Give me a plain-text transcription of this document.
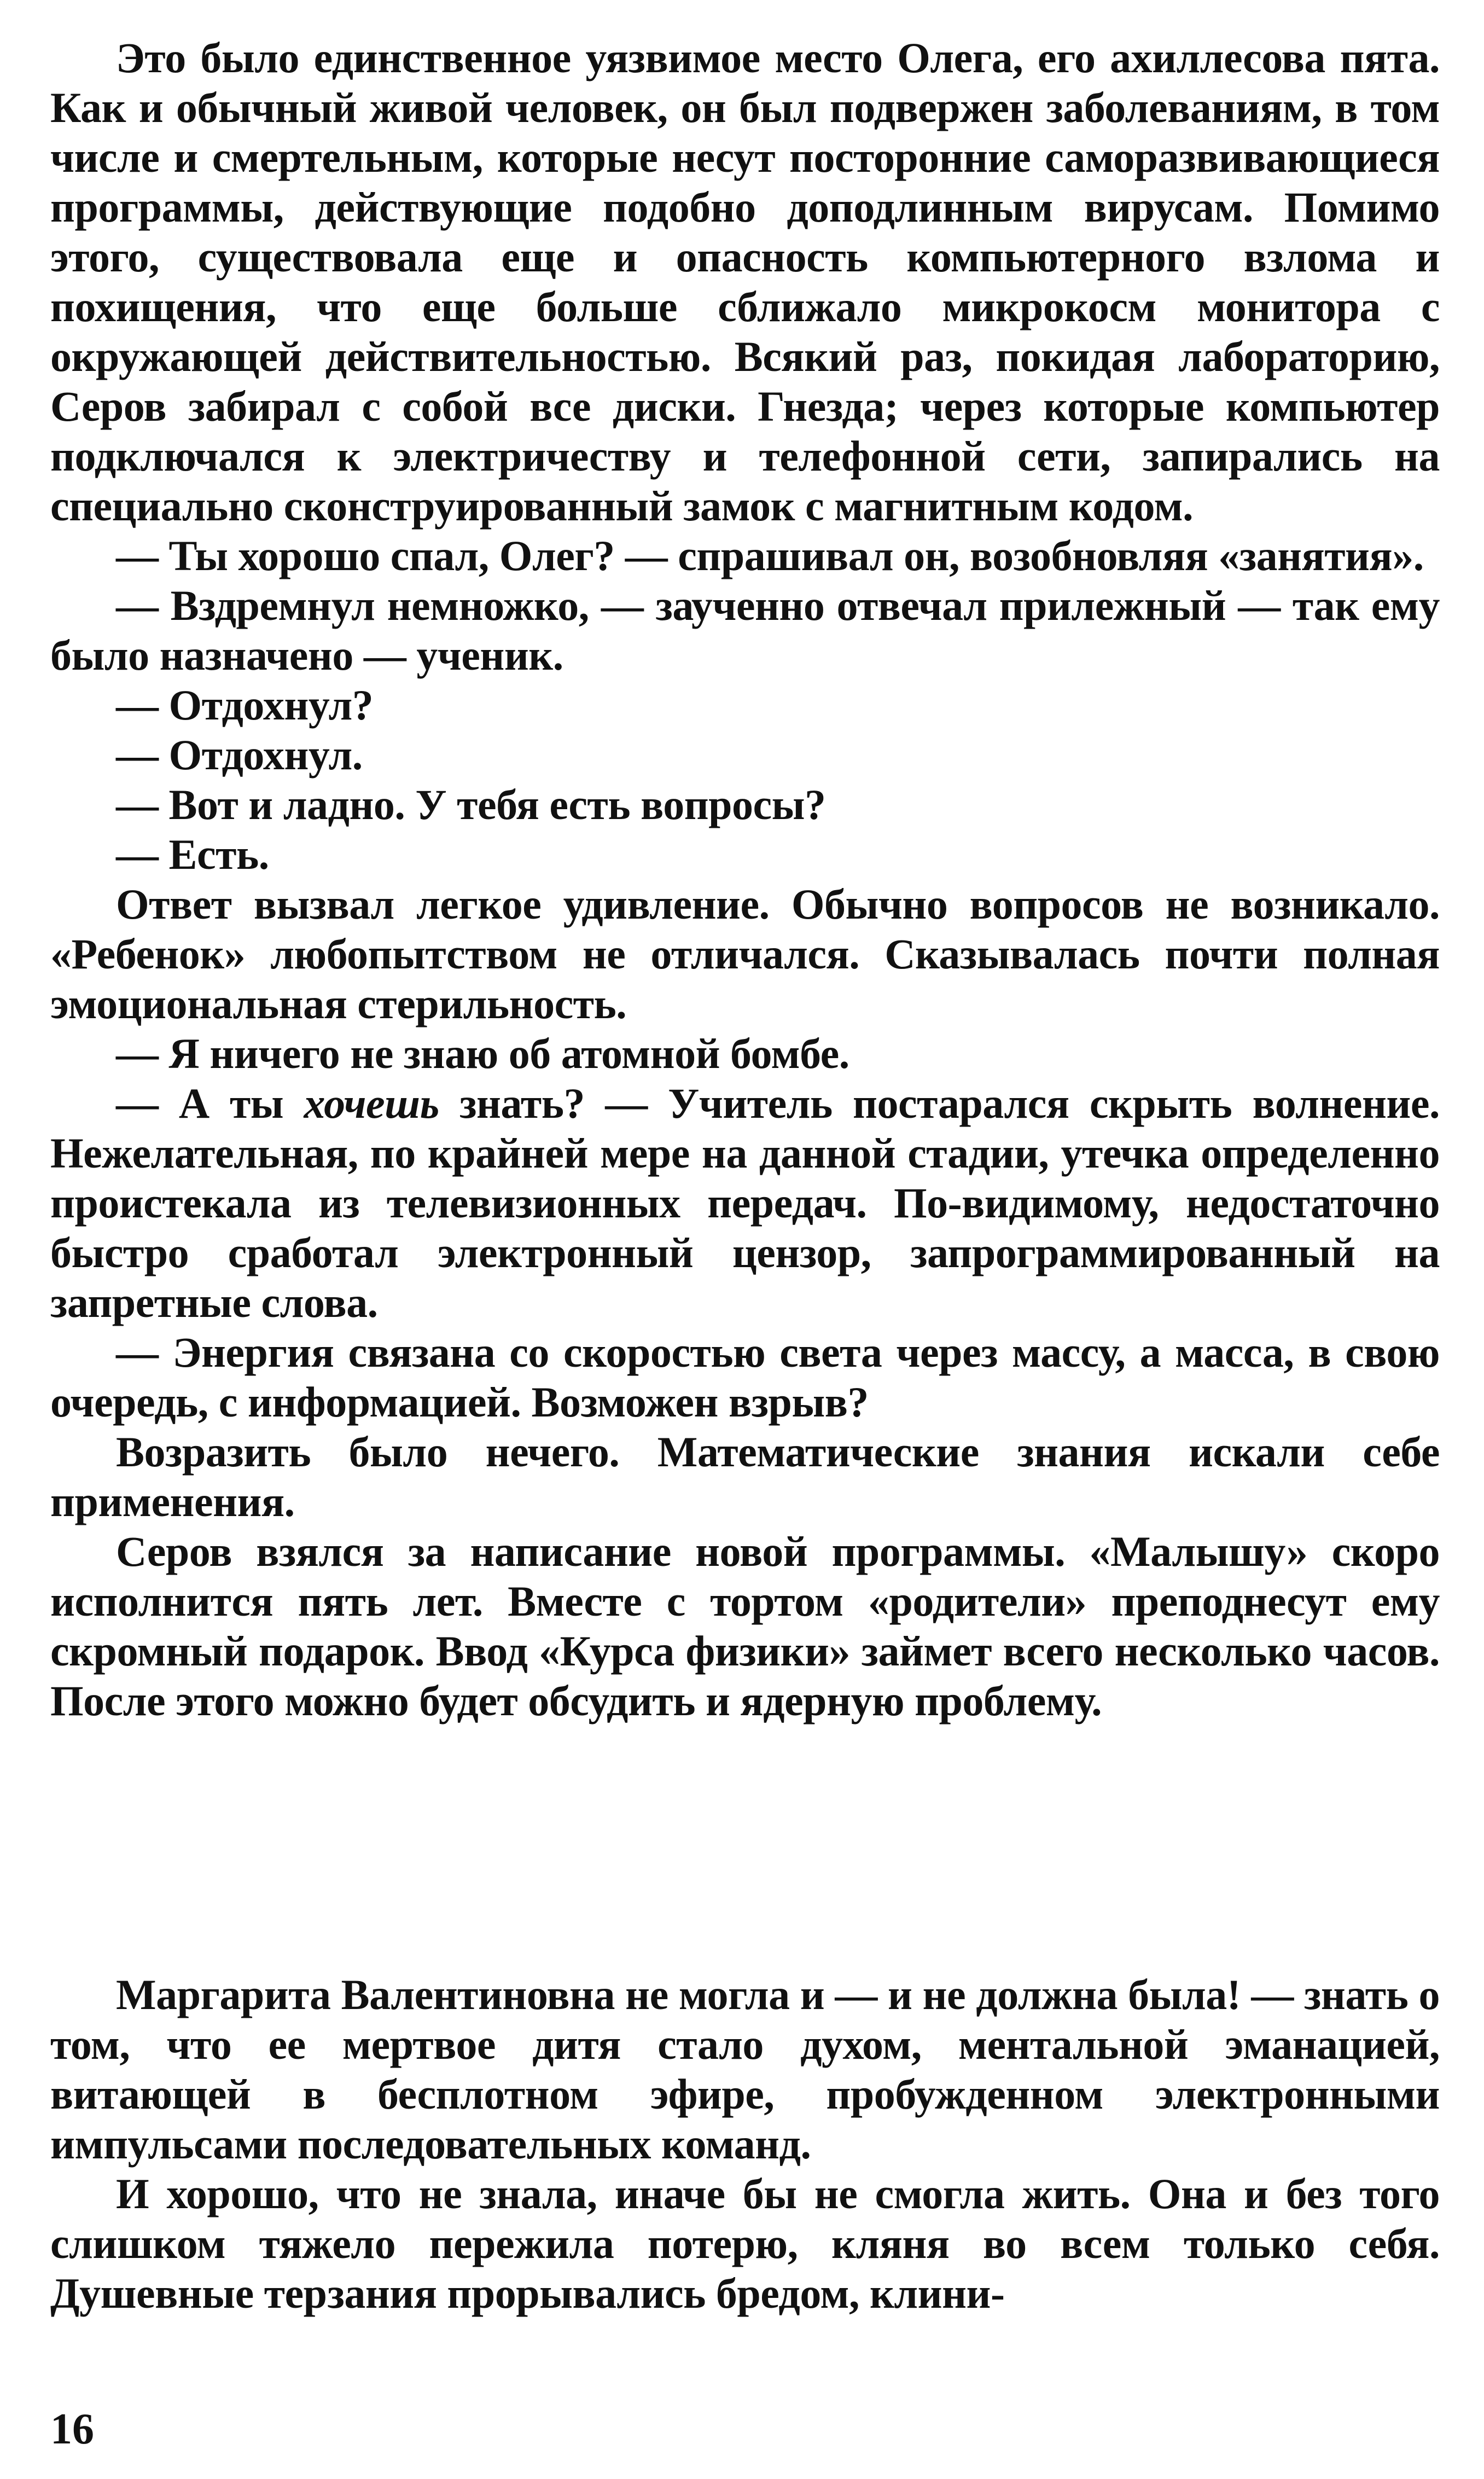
Это было единственное уязвимое место Олега, его ахиллесова пята. Как и обычный живой человек, он был подвержен заболеваниям, в том числе и смертельным, которые несут посторонние саморазвивающиеся программы, действующие подобно доподлинным вирусам. Помимо этого, существовала еще и опасность компьютерного взлома и похищения, что еще больше сближало микрокосм монитора с окружающей действительностью. Всякий раз, покидая лабораторию, Серов забирал с собой все диски. Гнезда; через которые компьютер подключался к электричеству и телефонной сети, запирались на специально сконструированный замок с магнитным кодом.

— Ты хорошо спал, Олег? — спрашивал он, возобновляя «занятия».

— Вздремнул немножко, — заученно отвечал прилежный — так ему было назначено — ученик.

— Отдохнул?

— Отдохнул.

— Вот и ладно. У тебя есть вопросы?

— Есть.

Ответ вызвал легкое удивление. Обычно вопросов не возникало. «Ребенок» любопытством не отличался. Сказывалась почти полная эмоциональная стерильность.

— Я ничего не знаю об атомной бомбе.

— А ты хочешь знать? — Учитель постарался скрыть волнение. Нежелательная, по крайней мере на данной стадии, утечка определенно проистекала из телевизионных передач. По-видимому, недостаточно быстро сработал электронный цензор, запрограммированный на запретные слова.

— Энергия связана со скоростью света через массу, а масса, в свою очередь, с информацией. Возможен взрыв?

Возразить было нечего. Математические знания искали себе применения.

Серов взялся за написание новой программы. «Малышу» скоро исполнится пять лет. Вместе с тортом «родители» преподнесут ему скромный подарок. Ввод «Курса физики» займет всего несколько часов. После этого можно будет обсудить и ядерную проблему.

Маргарита Валентиновна не могла и — и не должна была! — знать о том, что ее мертвое дитя стало духом, ментальной эманацией, витающей в бесплотном эфире, пробужденном электронными импульсами последовательных команд.

И хорошо, что не знала, иначе бы не смогла жить. Она и без того слишком тяжело пережила потерю, кляня во всем только себя. Душевные терзания прорывались бредом, клини-

16
